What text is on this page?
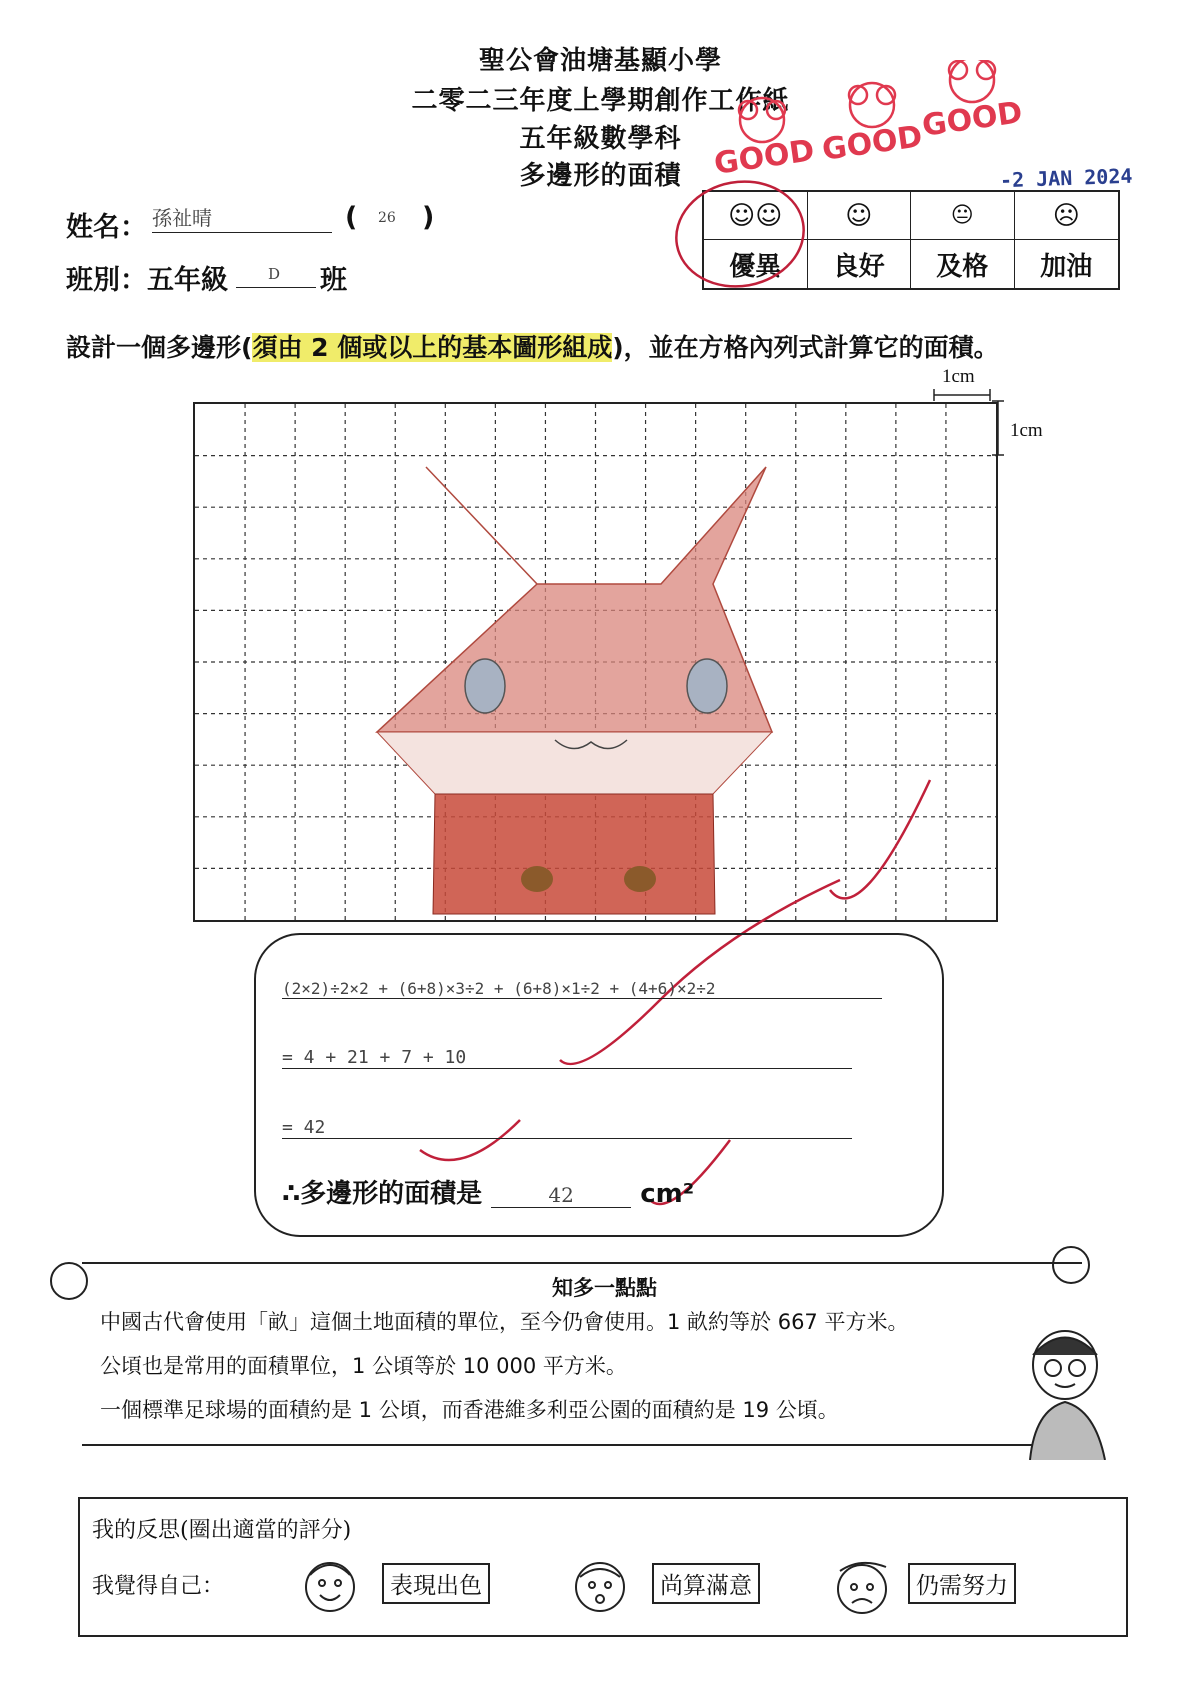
聖公會油塘基顯小學
二零二三年度上學期創作工作紙
五年級數學科
多邊形的面積	GOOD GOOD
GOOD
-2 JAN 2024
姓名： 孫祉晴	( 26 )
班別：五年級	D 班
☺☺	☺	😐	☹
優異	良好	及格	加油
設計一個多邊形(須由 2 個或以上的基本圖形組成)，並在方格內列式計算它的面積。
1cm
1cm
(2×2)÷2×2 + (6+8)×3÷2 + (6+8)×1÷2 + (4+6)×2÷2
= 4 + 21 + 7 + 10
= 42
∴多邊形的面積是	42	cm²
知多一點點
中國古代會使用「畝」這個土地面積的單位，至今仍會使用。1 畝約等於 667 平方米。
公頃也是常用的面積單位，1 公頃等於 10 000 平方米。
一個標準足球場的面積約是 1 公頃，而香港維多利亞公園的面積約是 19 公頃。
我的反思(圈出適當的評分)
我覺得自己：	表現出色	尚算滿意	仍需努力
